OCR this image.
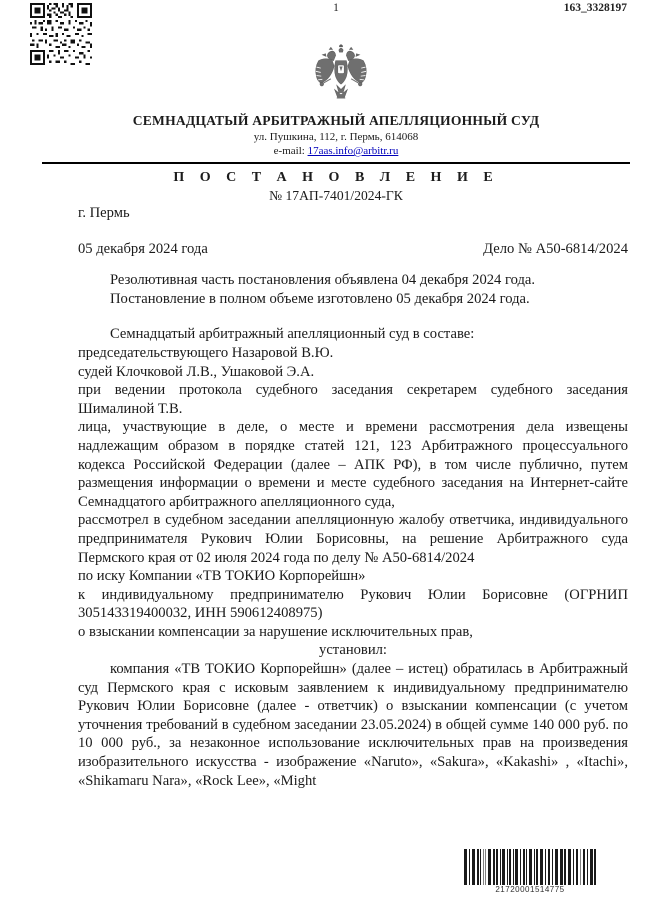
1	163_3328197
СЕМНАДЦАТЫЙ АРБИТРАЖНЫЙ АПЕЛЛЯЦИОННЫЙ СУД
ул. Пушкина, 112, г. Пермь, 614068
e-mail: 17aas.info@arbitr.ru
П О С Т А Н О В Л Е Н И Е
№ 17АП-7401/2024-ГК

г. Пермь

05 декабря 2024 года	Дело № А50-6814/2024

Резолютивная часть постановления объявлена 04 декабря 2024 года.

Постановление в полном объеме изготовлено 05 декабря 2024 года.

Семнадцатый арбитражный апелляционный суд в составе:

председательствующего Назаровой В.Ю.

судей Клочковой Л.В., Ушаковой Э.А.

при ведении протокола судебного заседания секретарем судебного заседания Шималиной Т.В.

лица, участвующие в деле, о месте и времени рассмотрения дела извещены надлежащим образом в порядке статей 121, 123 Арбитражного процессуального кодекса Российской Федерации (далее – АПК РФ), в том числе публично, путем размещения информации о времени и месте судебного заседания на Интернет-сайте Семнадцатого арбитражного апелляционного суда,

рассмотрел в судебном заседании апелляционную жалобу ответчика, индивидуального предпринимателя Рукович Юлии Борисовны, на решение Арбитражного суда Пермского края от 02 июля 2024 года по делу № А50-6814/2024

по иску Компании «ТВ ТОКИО Корпорейшн»

к индивидуальному предпринимателю Рукович Юлии Борисовне (ОГРНИП 305143319400032, ИНН 590612408975)

о взыскании компенсации за нарушение исключительных прав,

установил:

компания «ТВ ТОКИО Корпорейшн» (далее – истец) обратилась в Арбитражный суд Пермского края с исковым заявлением к индивидуальному предпринимателю Рукович Юлии Борисовне (далее - ответчик) о взыскании компенсации (с учетом уточнения требований в судебном заседании 23.05.2024) в общей сумме 140 000 руб. по 10 000 руб., за незаконное использование исключительных прав на произведения изобразительного искусства - изображение «Naruto», «Sakura», «Kakashi» , «Itachi», «Shikamaru Nara», «Rock Lee», «Might

21720001514775
